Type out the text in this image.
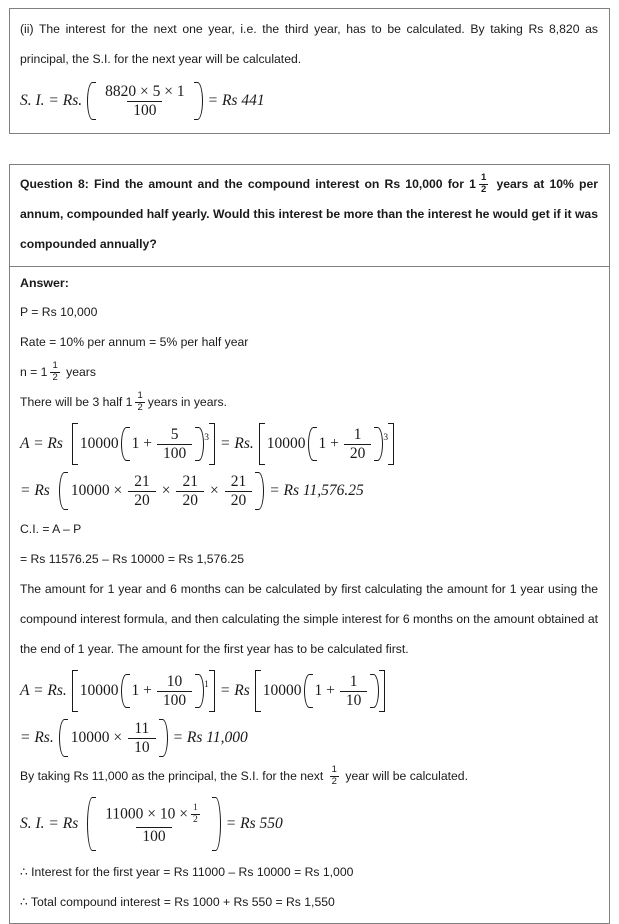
(ii) The interest for the next one year, i.e. the third year, has to be calculated. By taking Rs 8,820 as principal, the S.I. for the next year will be calculated.
S. I. = Rs. $\frac{8820 \times 5 \times 1}{100} = Rs$ 441
Question 8: Find the amount and the compound interest on Rs 10,000 for $1 \frac{1}{2}$ years at 10% per annum, compounded half yearly. Would this interest be more than the interest he would get if it was compounded annually?
Answer:
P = Rs 10,000
Rate = 10% per annum = 5% per half year
$n = 1 \frac{1}{2}$ years
There will be 3 half $1 \frac{1}{2}$ years in years.
A = Rs 10000 $1 + \frac{5}{100} 3 = Rs$. 10000 $1 + \frac{1}{20} 3$
= Rs $10000 \times \frac{21}{20} \times \frac{21}{20} \times \frac{21}{20} = Rs$ 11,576.25
C.I. = A – P
= Rs 11576.25 – Rs 10000 = Rs 1,576.25
The amount for 1 year and 6 months can be calculated by first calculating the amount for 1 year using the compound interest formula, and then calculating the simple interest for 6 months on the amount obtained at the end of 1 year. The amount for the first year has to be calculated first.
A = Rs. 10000 $1 + \frac{10}{100} 1 = Rs$ 10000 $1 + \frac{1}{10}$
= Rs. $10000 \times \frac{11}{10} = Rs$ 11,000
By taking Rs 11,000 as the principal, the S.I. for the next $\frac{1}{2}$ year will be calculated.
S. I. = Rs $\frac{11000 \times 10 \times \frac{1}{2}}{100} = Rs$ 550
∴ Interest for the first year = Rs 11000 – Rs 10000 = Rs 1,000
∴ Total compound interest = Rs 1000 + Rs 550 = Rs 1,550
